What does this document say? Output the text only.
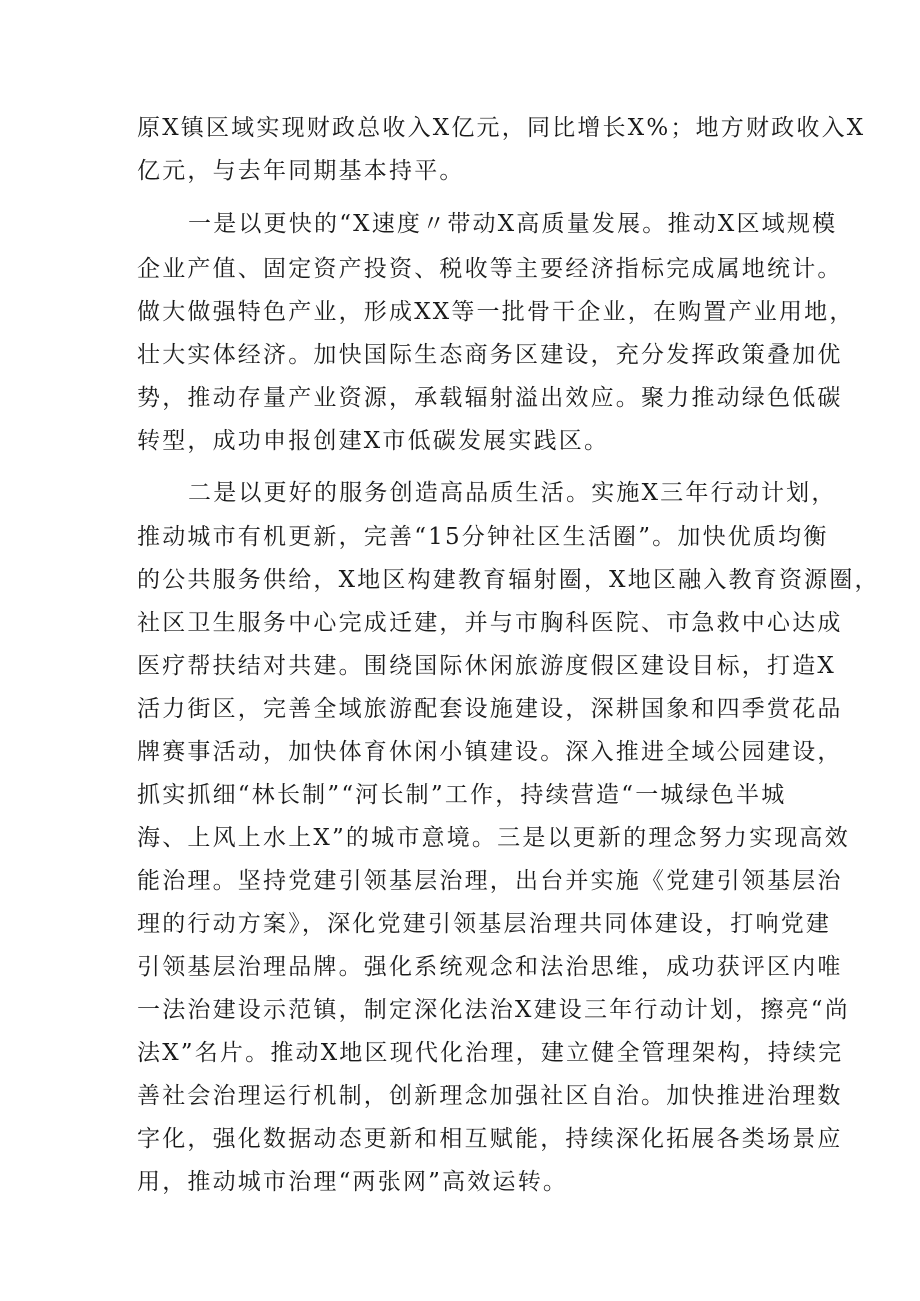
原X镇区域实现财政总收入X亿元，同比增长X%；地方财政收入X
亿元，与去年同期基本持平。
一是以更快的“X速度〃带动X高质量发展。推动X区域规模
企业产值、固定资产投资、税收等主要经济指标完成属地统计。
做大做强特色产业，形成XX等一批骨干企业，在购置产业用地，
壮大实体经济。加快国际生态商务区建设，充分发挥政策叠加优
势，推动存量产业资源，承载辐射溢出效应。聚力推动绿色低碳
转型，成功申报创建X市低碳发展实践区。
二是以更好的服务创造高品质生活。实施X三年行动计划，
推动城市有机更新，完善“15分钟社区生活圈”。加快优质均衡
的公共服务供给，X地区构建教育辐射圈，X地区融入教育资源圈，
社区卫生服务中心完成迁建，并与市胸科医院、市急救中心达成
医疗帮扶结对共建。围绕国际休闲旅游度假区建设目标，打造X
活力街区，完善全域旅游配套设施建设，深耕国象和四季赏花品
牌赛事活动，加快体育休闲小镇建设。深入推进全域公园建设，
抓实抓细“林长制”“河长制”工作，持续营造“一城绿色半城
海、上风上水上X”的城市意境。三是以更新的理念努力实现高效
能治理。坚持党建引领基层治理，出台并实施《党建引领基层治
理的行动方案》，深化党建引领基层治理共同体建设，打响党建
引领基层治理品牌。强化系统观念和法治思维，成功获评区内唯
一法治建设示范镇，制定深化法治X建设三年行动计划，擦亮“尚
法X”名片。推动X地区现代化治理，建立健全管理架构，持续完
善社会治理运行机制，创新理念加强社区自治。加快推进治理数
字化，强化数据动态更新和相互赋能，持续深化拓展各类场景应
用，推动城市治理“两张网”高效运转。
